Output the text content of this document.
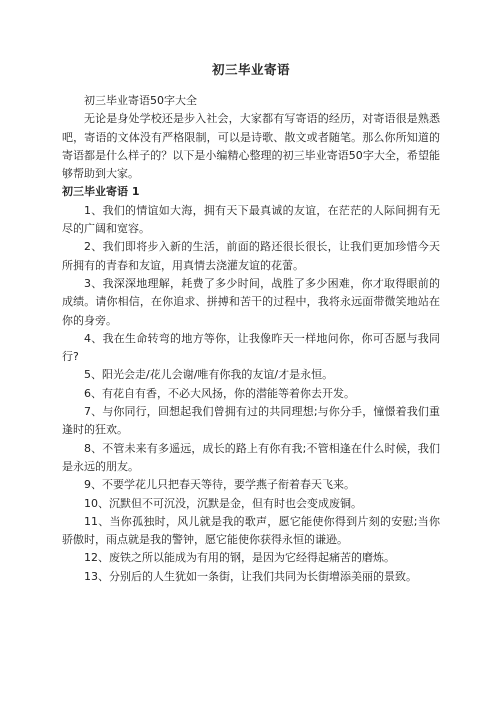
初三毕业寄语

初三毕业寄语50字大全

无论是身处学校还是步入社会，大家都有写寄语的经历，对寄语很是熟悉吧，寄语的文体没有严格限制，可以是诗歌、散文或者随笔。那么你所知道的寄语都是什么样子的？以下是小编精心整理的初三毕业寄语50字大全，希望能够帮助到大家。

初三毕业寄语 1

1、我们的情谊如大海，拥有天下最真诚的友谊，在茫茫的人际间拥有无尽的广阔和宽容。

2、我们即将步入新的生活，前面的路还很长很长，让我们更加珍惜今天所拥有的青春和友谊，用真情去浇灌友谊的花蕾。

3、我深深地理解，耗费了多少时间，战胜了多少困难，你才取得眼前的成绩。请你相信，在你追求、拼搏和苦干的过程中，我将永远面带微笑地站在你的身旁。

4、我在生命转弯的地方等你，让我像昨天一样地问你，你可否愿与我同行?

5、阳光会走/花儿会谢/唯有你我的友谊/才是永恒。

6、有花自有香，不必大风扬，你的潜能等着你去开发。

7、与你同行，回想起我们曾拥有过的共同理想;与你分手，憧憬着我们重逢时的狂欢。

8、不管未来有多遥远，成长的路上有你有我;不管相逢在什么时候，我们是永远的朋友。

9、不要学花儿只把春天等待，要学燕子衔着春天飞来。

10、沉默但不可沉没，沉默是金，但有时也会变成废铜。

11、当你孤独时，风儿就是我的歌声，愿它能使你得到片刻的安慰;当你骄傲时，雨点就是我的警钟，愿它能使你获得永恒的谦逊。

12、废铁之所以能成为有用的钢，是因为它经得起痛苦的磨炼。

13、分别后的人生犹如一条街，让我们共同为长街增添美丽的景致。
